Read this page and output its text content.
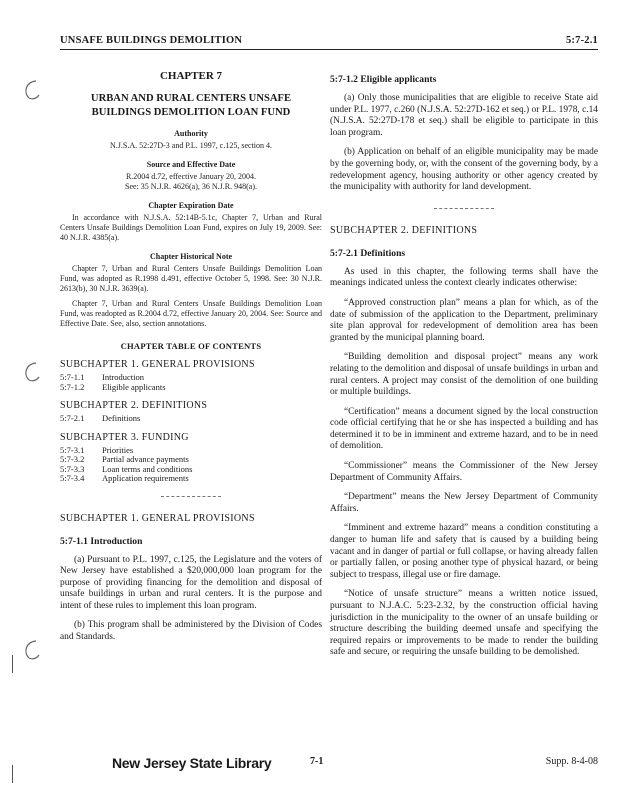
UNSAFE BUILDINGS DEMOLITION	5:7-2.1

CHAPTER 7

URBAN AND RURAL CENTERS UNSAFE BUILDINGS DEMOLITION LOAN FUND

Authority

N.J.S.A. 52:27D-3 and P.L. 1997, c.125, section 4.

Source and Effective Date

R.2004 d.72, effective January 20, 2004.

See: 35 N.J.R. 4626(a), 36 N.J.R. 948(a).

Chapter Expiration Date

In accordance with N.J.S.A. 52:14B-5.1c, Chapter 7, Urban and Rural Centers Unsafe Buildings Demolition Loan Fund, expires on July 19, 2009. See: 40 N.J.R. 4385(a).

Chapter Historical Note

Chapter 7, Urban and Rural Centers Unsafe Buildings Demolition Loan Fund, was adopted as R.1998 d.491, effective October 5, 1998. See: 30 N.J.R. 2613(b), 30 N.J.R. 3639(a).

Chapter 7, Urban and Rural Centers Unsafe Buildings Demolition Loan Fund, was readopted as R.2004 d.72, effective January 20, 2004. See: Source and Effective Date. See, also, section annotations.

CHAPTER TABLE OF CONTENTS

SUBCHAPTER 1. GENERAL PROVISIONS

5:7-1.1	Introduction
5:7-1.2	Eligible applicants

SUBCHAPTER 2. DEFINITIONS

5:7-2.1	Definitions

SUBCHAPTER 3. FUNDING

5:7-3.1	Priorities
5:7-3.2	Partial advance payments
5:7-3.3	Loan terms and conditions
5:7-3.4	Application requirements

SUBCHAPTER 1. GENERAL PROVISIONS

5:7-1.1 Introduction

(a) Pursuant to P.L. 1997, c.125, the Legislature and the voters of New Jersey have established a $20,000,000 loan program for the purpose of providing financing for the demolition and disposal of unsafe buildings in urban and rural centers. It is the purpose and intent of these rules to implement this loan program.

(b) This program shall be administered by the Division of Codes and Standards.

5:7-1.2 Eligible applicants

(a) Only those municipalities that are eligible to receive State aid under P.L. 1977, c.260 (N.J.S.A. 52:27D-162 et seq.) or P.L. 1978, c.14 (N.J.S.A. 52:27D-178 et seq.) shall be eligible to participate in this loan program.

(b) Application on behalf of an eligible municipality may be made by the governing body, or, with the consent of the governing body, by a redevelopment agency, housing authority or other agency created by the municipality with authority for land development.

SUBCHAPTER 2. DEFINITIONS

5:7-2.1 Definitions

As used in this chapter, the following terms shall have the meanings indicated unless the context clearly indicates otherwise:

“Approved construction plan” means a plan for which, as of the date of submission of the application to the Department, preliminary site plan approval for redevelopment of demolition area has been granted by the municipal planning board.

“Building demolition and disposal project” means any work relating to the demolition and disposal of unsafe buildings in urban and rural centers. A project may consist of the demolition of one building or multiple buildings.

“Certification” means a document signed by the local construction code official certifying that he or she has inspected a building and has determined it to be in imminent and extreme hazard, and to be in need of demolition.

“Commissioner” means the Commissioner of the New Jersey Department of Community Affairs.

“Department” means the New Jersey Department of Community Affairs.

“Imminent and extreme hazard” means a condition constituting a danger to human life and safety that is caused by a building being vacant and in danger of partial or full collapse, or having already fallen or partially fallen, or posing another type of physical hazard, or being subject to trespass, illegal use or fire damage.

“Notice of unsafe structure” means a written notice issued, pursuant to N.J.A.C. 5:23-2.32, by the construction official having jurisdiction in the municipality to the owner of an unsafe building or structure describing the building deemed unsafe and specifying the required repairs or improvements to be made to render the building safe and secure, or requiring the unsafe building to be demolished.

New Jersey State Library	7-1	Supp. 8-4-08
